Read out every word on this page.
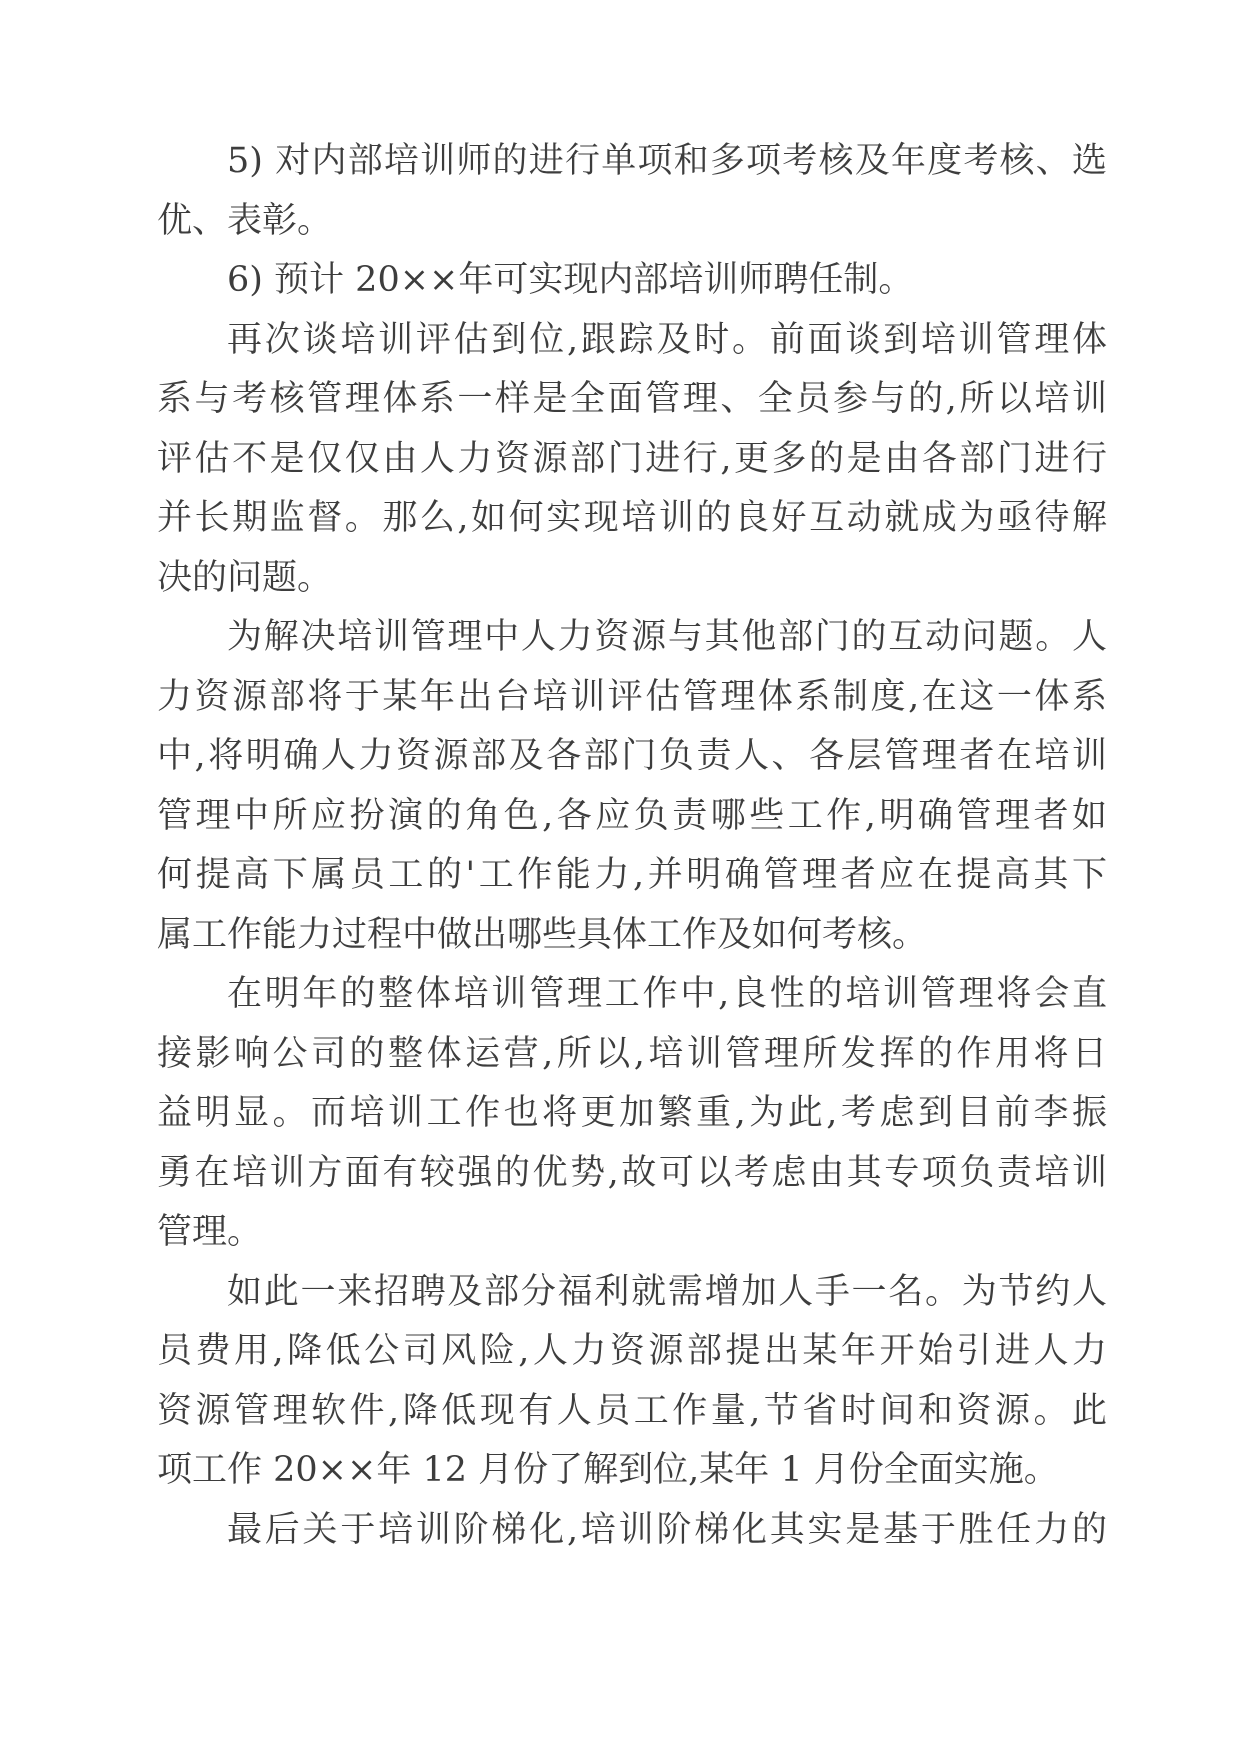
5) 对内部培训师的进行单项和多项考核及年度考核、选
优、表彰。
6) 预计 20××年可实现内部培训师聘任制。
再次谈培训评估到位,跟踪及时。前面谈到培训管理体
系与考核管理体系一样是全面管理、全员参与的,所以培训
评估不是仅仅由人力资源部门进行,更多的是由各部门进行
并长期监督。那么,如何实现培训的良好互动就成为亟待解
决的问题。
为解决培训管理中人力资源与其他部门的互动问题。人
力资源部将于某年出台培训评估管理体系制度,在这一体系
中,将明确人力资源部及各部门负责人、各层管理者在培训
管理中所应扮演的角色,各应负责哪些工作,明确管理者如
何提高下属员工的'工作能力,并明确管理者应在提高其下
属工作能力过程中做出哪些具体工作及如何考核。
在明年的整体培训管理工作中,良性的培训管理将会直
接影响公司的整体运营,所以,培训管理所发挥的作用将日
益明显。而培训工作也将更加繁重,为此,考虑到目前李振
勇在培训方面有较强的优势,故可以考虑由其专项负责培训
管理。
如此一来招聘及部分福利就需增加人手一名。为节约人
员费用,降低公司风险,人力资源部提出某年开始引进人力
资源管理软件,降低现有人员工作量,节省时间和资源。此
项工作 20××年 12 月份了解到位,某年 1 月份全面实施。
最后关于培训阶梯化,培训阶梯化其实是基于胜任力的
